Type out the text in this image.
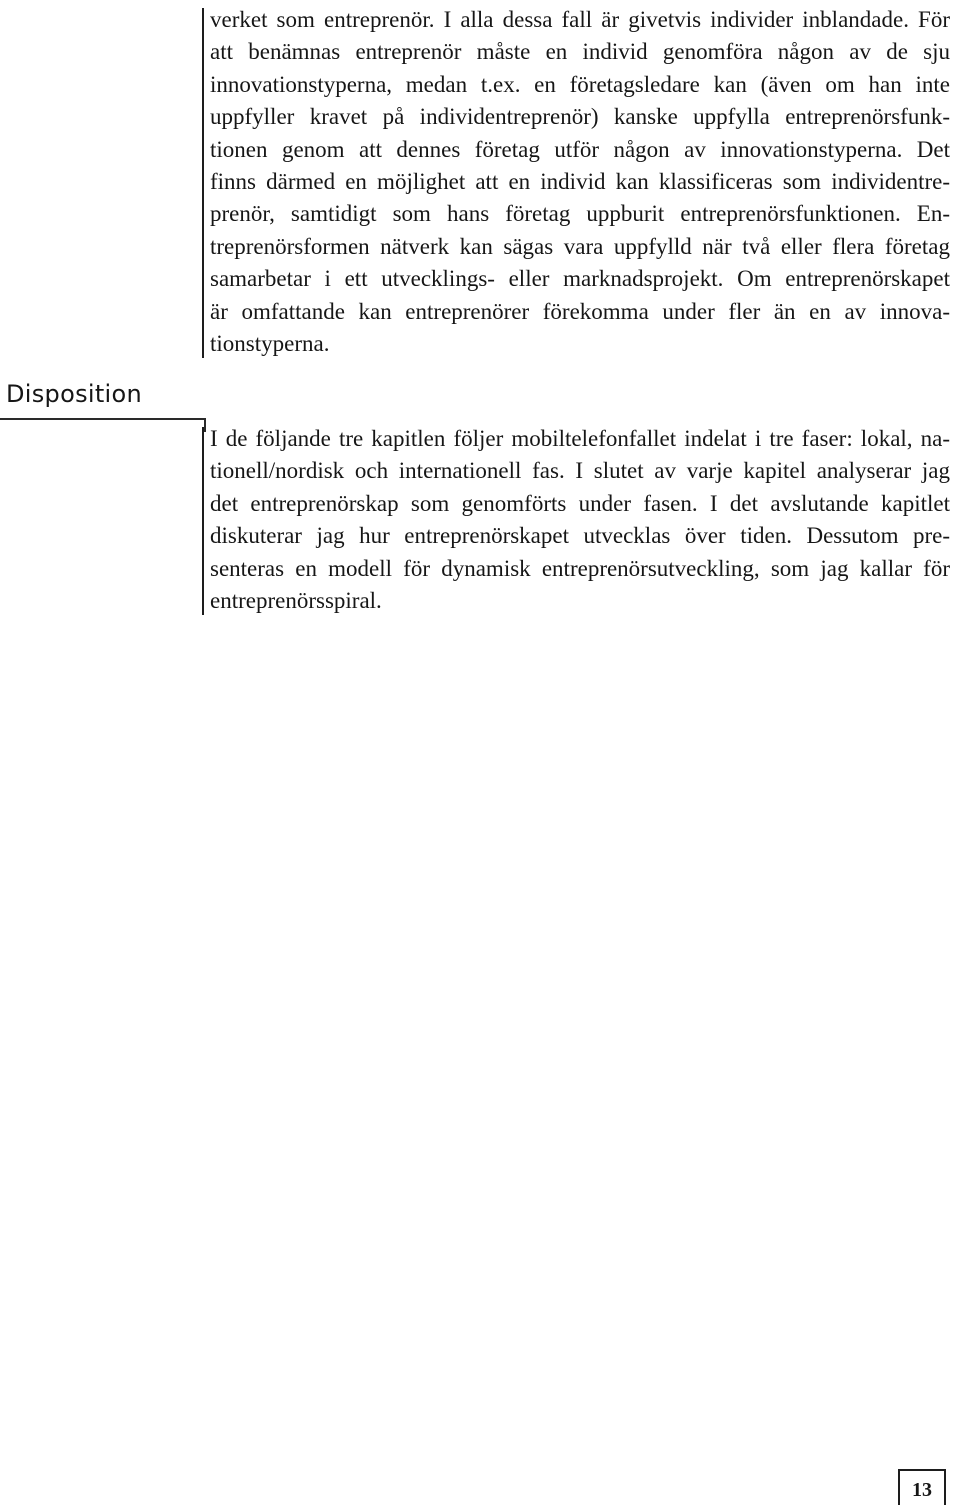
verket som entreprenör. I alla dessa fall är givetvis individer inblandade. För
att benämnas entreprenör måste en individ genomföra någon av de sju
innovationstyperna, medan t.ex. en företagsledare kan (även om han inte
uppfyller kravet på individentreprenör) kanske uppfylla entreprenörsfunk-
tionen genom att dennes företag utför någon av innovationstyperna. Det
finns därmed en möjlighet att en individ kan klassificeras som individentre-
prenör, samtidigt som hans företag uppburit entreprenörsfunktionen. En-
treprenörsformen nätverk kan sägas vara uppfylld när två eller flera företag
samarbetar i ett utvecklings- eller marknadsprojekt. Om entreprenörskapet
är omfattande kan entreprenörer förekomma under fler än en av innova-
tionstyperna.

Disposition

I de följande tre kapitlen följer mobiltelefonfallet indelat i tre faser: lokal, na-
tionell/nordisk och internationell fas. I slutet av varje kapitel analyserar jag
det entreprenörskap som genomförts under fasen. I det avslutande kapitlet
diskuterar jag hur entreprenörskapet utvecklas över tiden. Dessutom pre-
senteras en modell för dynamisk entreprenörsutveckling, som jag kallar för
entreprenörsspiral.

13
